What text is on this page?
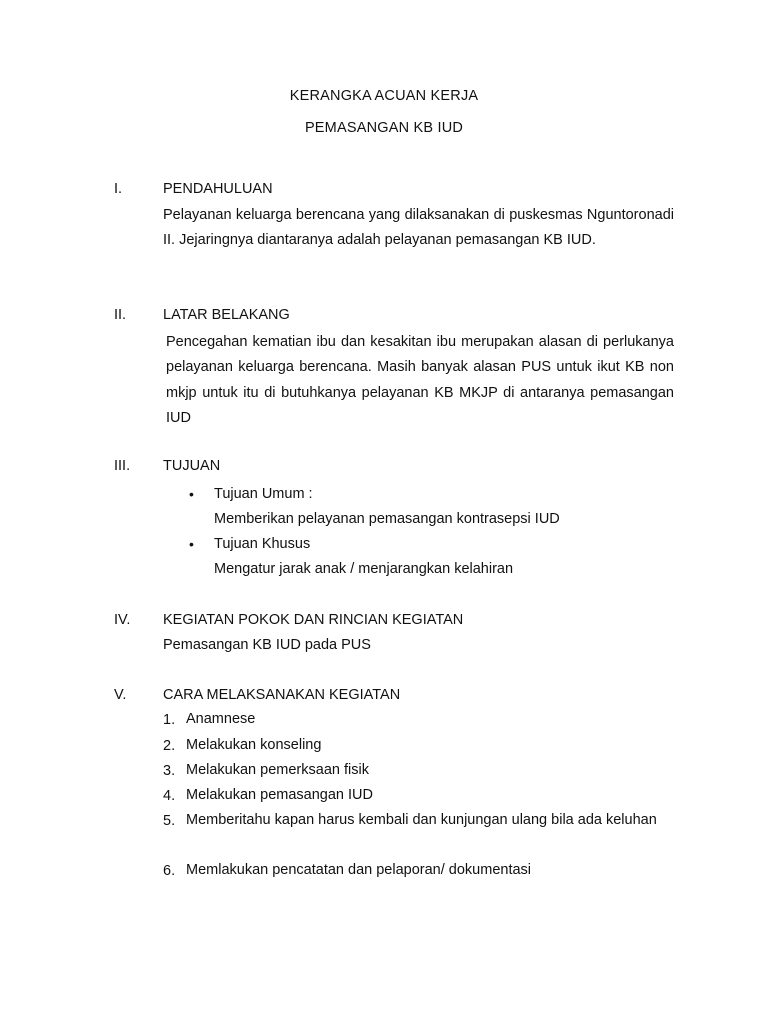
KERANGKA ACUAN KERJA
PEMASANGAN KB IUD
I.	PENDAHULUAN
Pelayanan keluarga berencana yang dilaksanakan di puskesmas Nguntoronadi II. Jejaringnya diantaranya adalah pelayanan pemasangan KB IUD.
II.	LATAR BELAKANG
Pencegahan kematian ibu dan kesakitan ibu merupakan alasan di perlukanya pelayanan keluarga berencana. Masih banyak alasan PUS untuk ikut KB non mkjp untuk itu di butuhkanya pelayanan KB MKJP di antaranya pemasangan IUD
III. TUJUAN
• Tujuan Umum :
Memberikan pelayanan pemasangan kontrasepsi IUD
• Tujuan Khusus
Mengatur jarak anak / menjarangkan kelahiran
IV. KEGIATAN POKOK DAN RINCIAN KEGIATAN
Pemasangan KB IUD pada PUS
V.	CARA MELAKSANAKAN KEGIATAN
1. Anamnese
2. Melakukan konseling
3. Melakukan pemerksaan fisik
4. Melakukan pemasangan IUD
5. Memberitahu kapan harus kembali dan kunjungan ulang bila ada keluhan
6. Memlakukan pencatatan dan pelaporan/ dokumentasi
